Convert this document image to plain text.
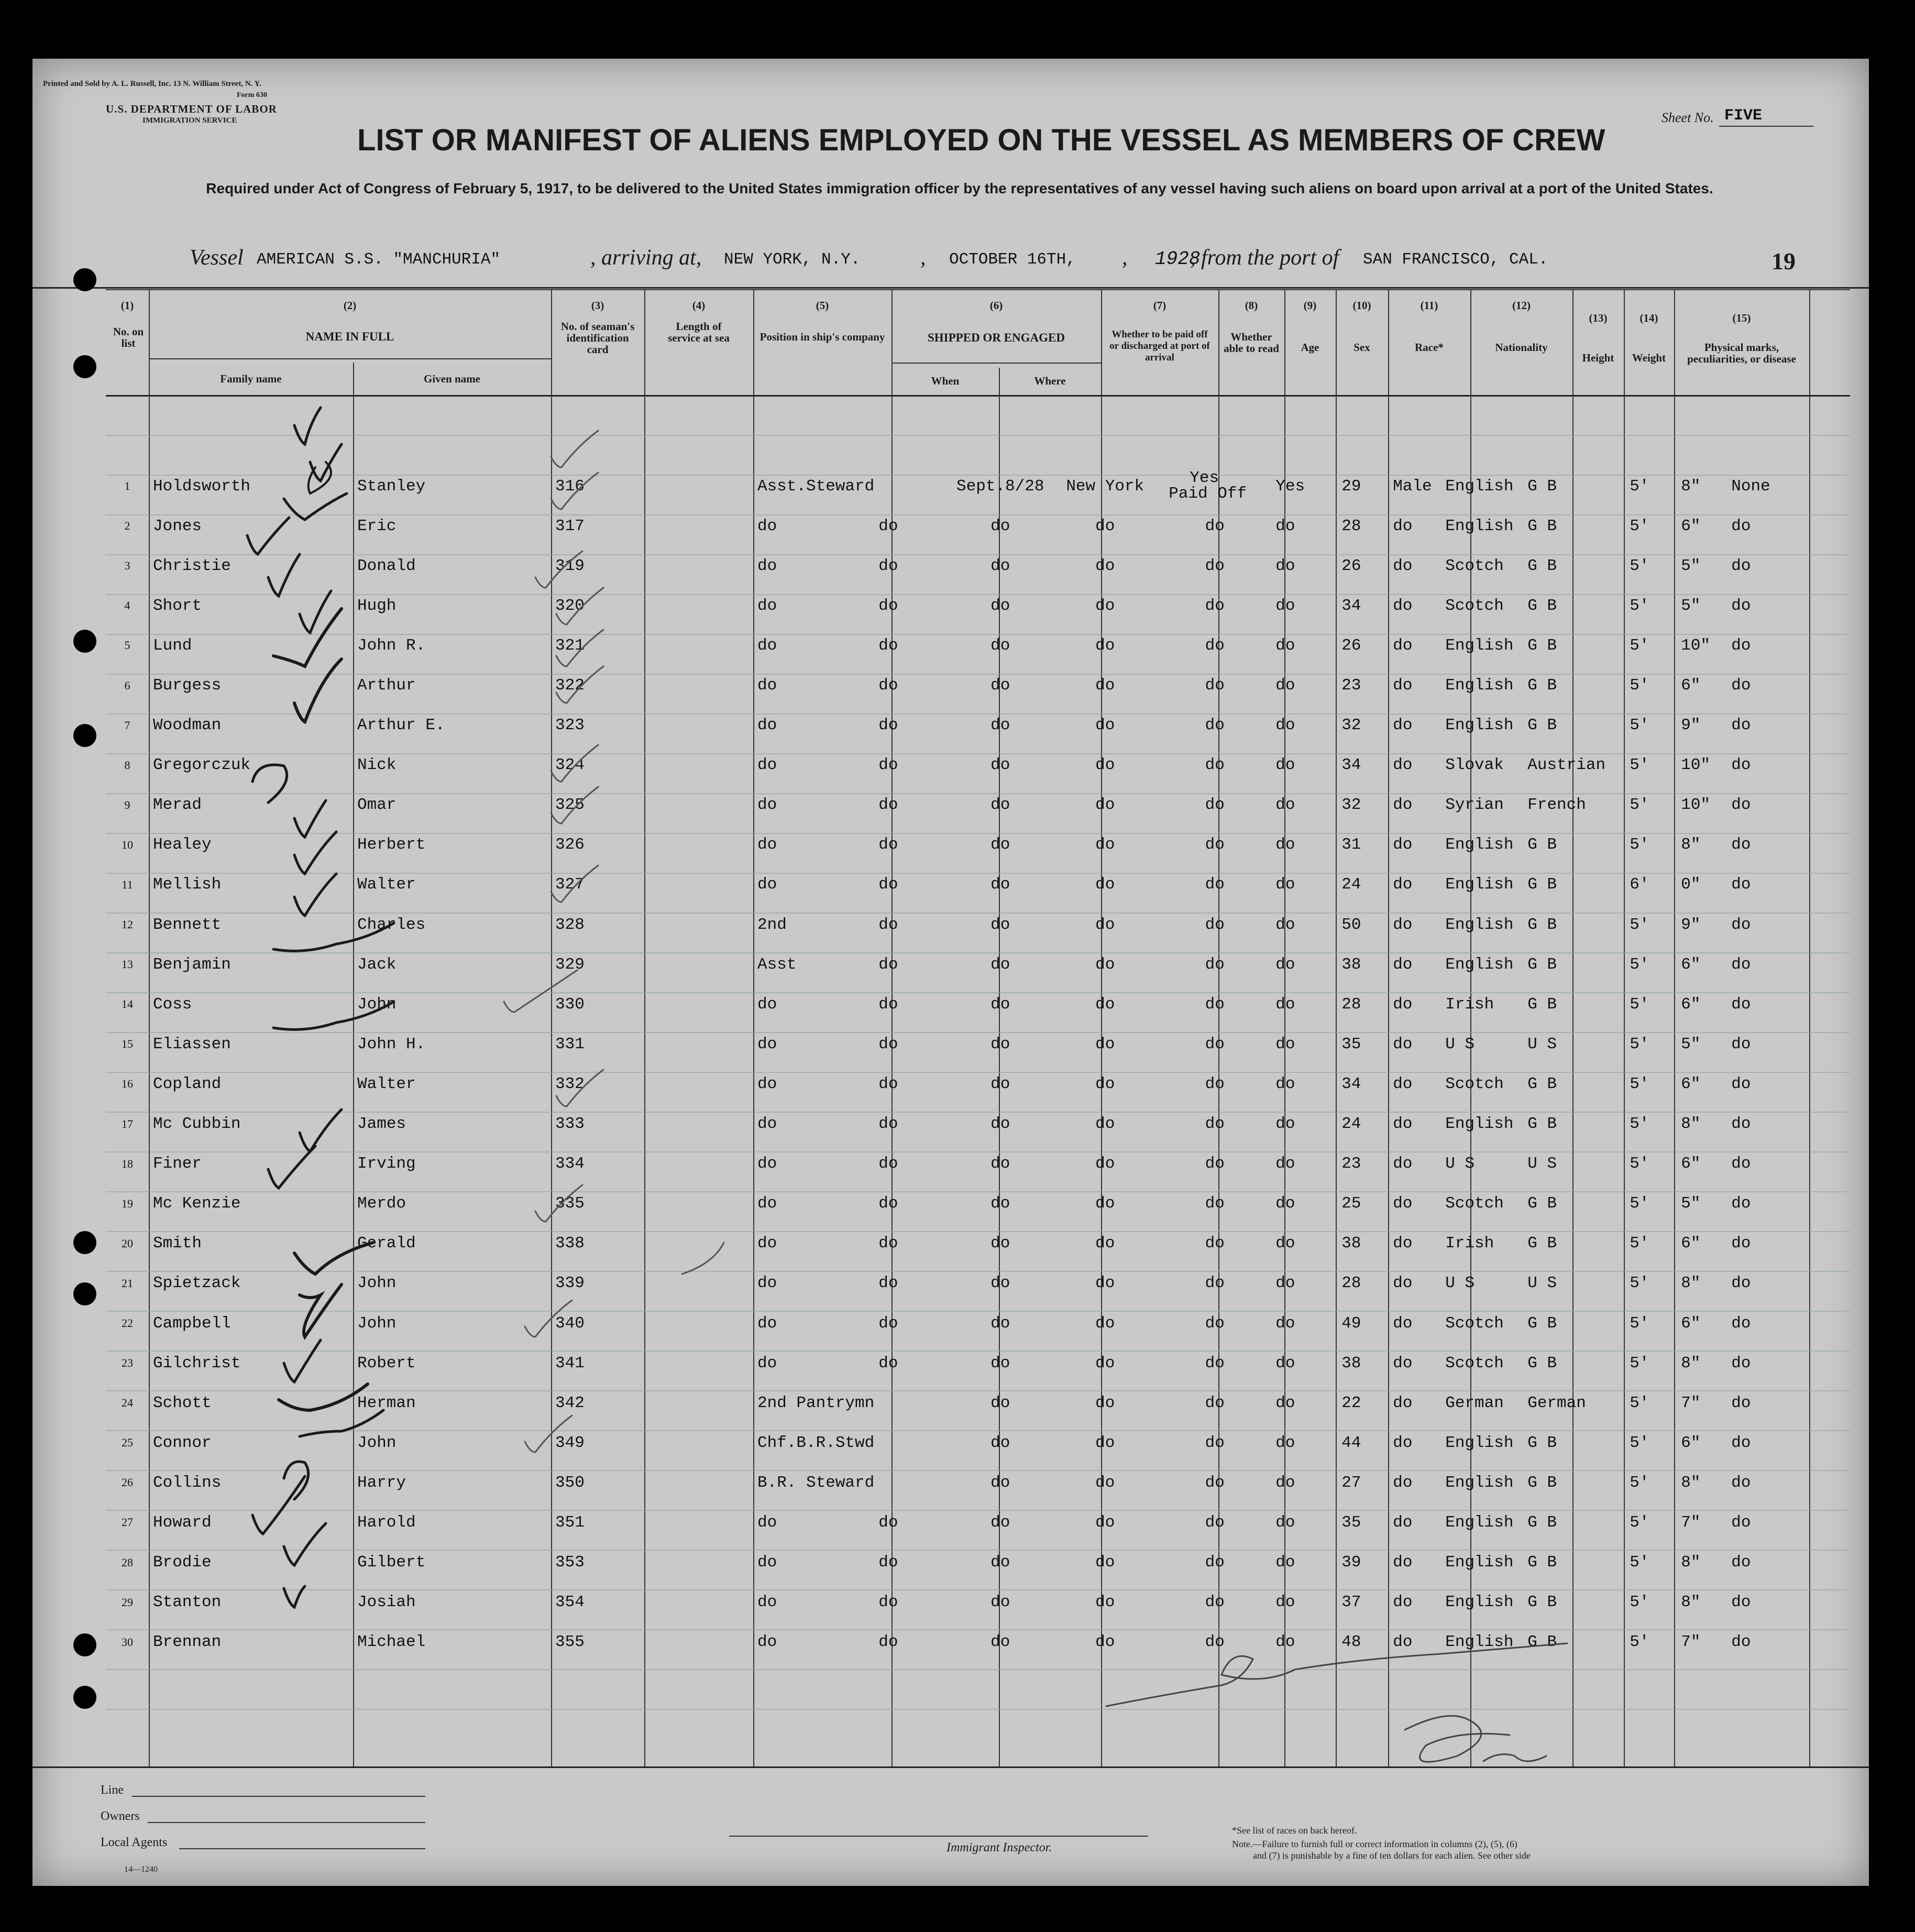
Printed and Sold by A. L. Russell, Inc. 13 N. William Street, N. Y.
Form 630
U.S. DEPARTMENT OF LABOR
IMMIGRATION SERVICE	Sheet No. FIVE
LIST OR MANIFEST OF ALIENS EMPLOYED ON THE VESSEL AS MEMBERS OF CREW
Required under Act of Congress of February 5, 1917, to be delivered to the United States immigration officer by the representatives of any vessel having such aliens on board upon arrival at a port of the United States.
Vessel AMERICAN S.S. "MANCHURIA"	, arriving at, NEW YORK, N.Y.	, OCTOBER 16TH, , 1928
, from the port of SAN FRANCISCO, CAL.	19
(1)
No. on list
(2)
NAME IN FULL
Family name	Given name
(3)
No. of seaman's identification card
(4)
Length of service at sea
(5)
Position in ship's company
(6)
SHIPPED OR ENGAGED
When	Where
(7)
Whether to be paid off or discharged at port of arrival
(8)
Whether able to read
(9)
Age
(10)
Sex
(11)
Race*
(12)
Nationality
(13)
Height
(14)
Weight
(15)
Physical marks, peculiarities, or disease
1	Holdsworth	Stanley	316		Asst.Steward		Sept.8/28	New York	Yes
Paid Off	Yes	29	Male	English	G B	5'	8"	None
2	Jones	Eric	317		do	do	do	do	do	do	28	do	English	G B	5'	6"	do
3	Christie	Donald	319		do	do	do	do	do	do	26	do	Scotch	G B	5'	5"	do
4	Short	Hugh	320		do	do	do	do	do	do	34	do	Scotch	G B	5'	5"	do
5	Lund	John R.	321		do	do	do	do	do	do	26	do	English	G B	5'	10"	do
6	Burgess	Arthur	322		do	do	do	do	do	do	23	do	English	G B	5'	6"	do
7	Woodman	Arthur E.	323		do	do	do	do	do	do	32	do	English	G B	5'	9"	do
8	Gregorczuk	Nick	324		do	do	do	do	do	do	34	do	Slovak	Austrian	5'	10"	do
9	Merad	Omar	325		do	do	do	do	do	do	32	do	Syrian	French	5'	10"	do
10	Healey	Herbert	326		do	do	do	do	do	do	31	do	English	G B	5'	8"	do
11	Mellish	Walter	327		do	do	do	do	do	do	24	do	English	G B	6'	0"	do
12	Bennett	Charles	328		2nd	do	do	do	do	do	50	do	English	G B	5'	9"	do
13	Benjamin	Jack	329		Asst	do	do	do	do	do	38	do	English	G B	5'	6"	do
14	Coss	John	330		do	do	do	do	do	do	28	do	Irish	G B	5'	6"	do
15	Eliassen	John H.	331		do	do	do	do	do	do	35	do	U S	U S	5'	5"	do
16	Copland	Walter	332		do	do	do	do	do	do	34	do	Scotch	G B	5'	6"	do
17	Mc Cubbin	James	333		do	do	do	do	do	do	24	do	English	G B	5'	8"	do
18	Finer	Irving	334		do	do	do	do	do	do	23	do	U S	U S	5'	6"	do
19	Mc Kenzie	Merdo	335		do	do	do	do	do	do	25	do	Scotch	G B	5'	5"	do
20	Smith	Gerald	338		do	do	do	do	do	do	38	do	Irish	G B	5'	6"	do
21	Spietzack	John	339		do	do	do	do	do	do	28	do	U S	U S	5'	8"	do
22	Campbell	John	340		do	do	do	do	do	do	49	do	Scotch	G B	5'	6"	do
23	Gilchrist	Robert	341		do	do	do	do	do	do	38	do	Scotch	G B	5'	8"	do
24	Schott	Herman	342		2nd Pantrymn		do	do	do	do	22	do	German	German	5'	7"	do
25	Connor	John	349		Chf.B.R.Stwd		do	do	do	do	44	do	English	G B	5'	6"	do
26	Collins	Harry	350		B.R. Steward		do	do	do	do	27	do	English	G B	5'	8"	do
27	Howard	Harold	351		do	do	do	do	do	do	35	do	English	G B	5'	7"	do
28	Brodie	Gilbert	353		do	do	do	do	do	do	39	do	English	G B	5'	8"	do
29	Stanton	Josiah	354		do	do	do	do	do	do	37	do	English	G B	5'	8"	do
30	Brennan	Michael	355		do	do	do	do	do	do	48	do	English	G B	5'	7"	do
Line
Owners
Local Agents
14—1240
Immigrant Inspector.
*See list of races on back hereof.
Note.—Failure to furnish full or correct information in columns (2), (5), (6)
and (7) is punishable by a fine of ten dollars for each alien. See other side
